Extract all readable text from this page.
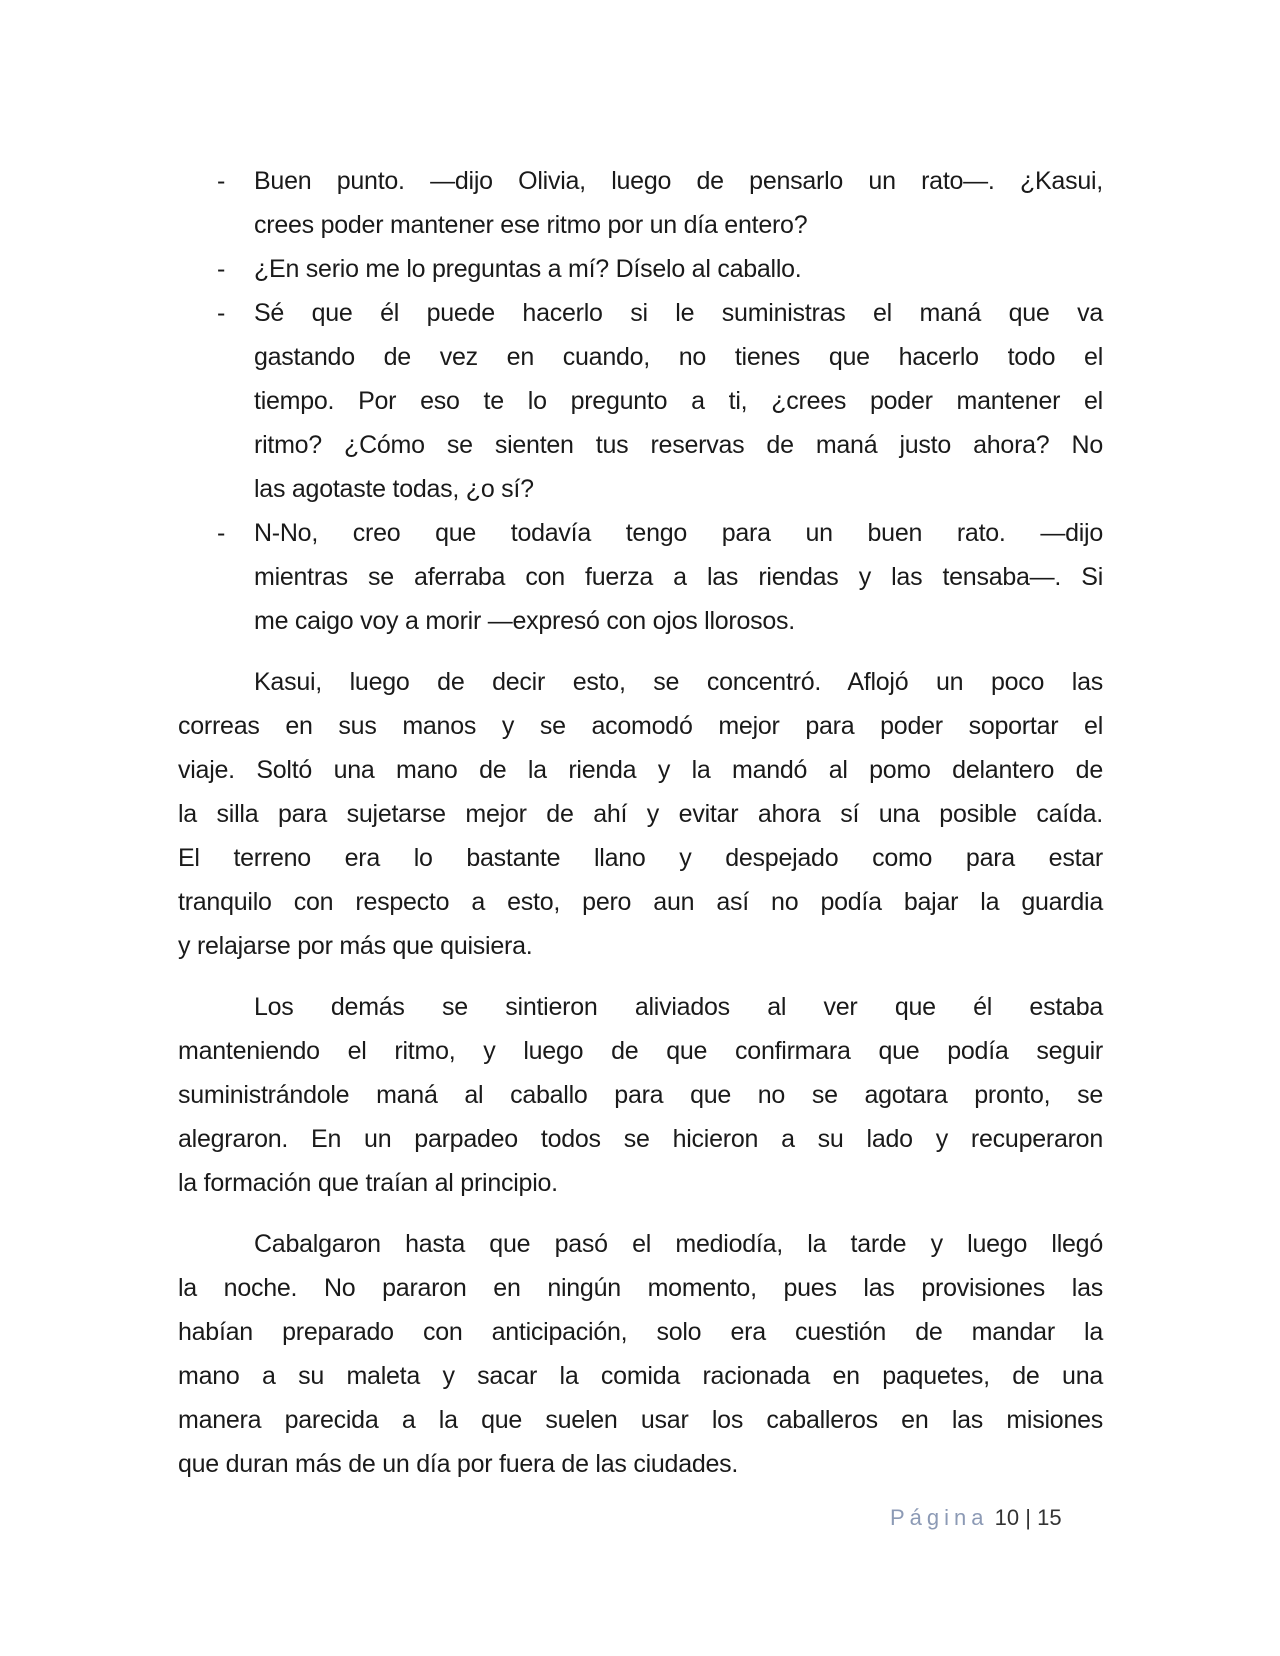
- Buen punto. —dijo Olivia, luego de pensarlo un rato—. ¿Kasui,
crees poder mantener ese ritmo por un día entero?
- ¿En serio me lo preguntas a mí? Díselo al caballo.
- Sé que él puede hacerlo si le suministras el maná que va
gastando de vez en cuando, no tienes que hacerlo todo el
tiempo. Por eso te lo pregunto a ti, ¿crees poder mantener el
ritmo? ¿Cómo se sienten tus reservas de maná justo ahora? No
las agotaste todas, ¿o sí?
- N-No, creo que todavía tengo para un buen rato. —dijo
mientras se aferraba con fuerza a las riendas y las tensaba—. Si
me caigo voy a morir —expresó con ojos llorosos.
Kasui, luego de decir esto, se concentró. Aflojó un poco las
correas en sus manos y se acomodó mejor para poder soportar el
viaje. Soltó una mano de la rienda y la mandó al pomo delantero de
la silla para sujetarse mejor de ahí y evitar ahora sí una posible caída.
El terreno era lo bastante llano y despejado como para estar
tranquilo con respecto a esto, pero aun así no podía bajar la guardia
y relajarse por más que quisiera.
Los demás se sintieron aliviados al ver que él estaba
manteniendo el ritmo, y luego de que confirmara que podía seguir
suministrándole maná al caballo para que no se agotara pronto, se
alegraron. En un parpadeo todos se hicieron a su lado y recuperaron
la formación que traían al principio.
Cabalgaron hasta que pasó el mediodía, la tarde y luego llegó
la noche. No pararon en ningún momento, pues las provisiones las
habían preparado con anticipación, solo era cuestión de mandar la
mano a su maleta y sacar la comida racionada en paquetes, de una
manera parecida a la que suelen usar los caballeros en las misiones
que duran más de un día por fuera de las ciudades.
Página 10 | 15
